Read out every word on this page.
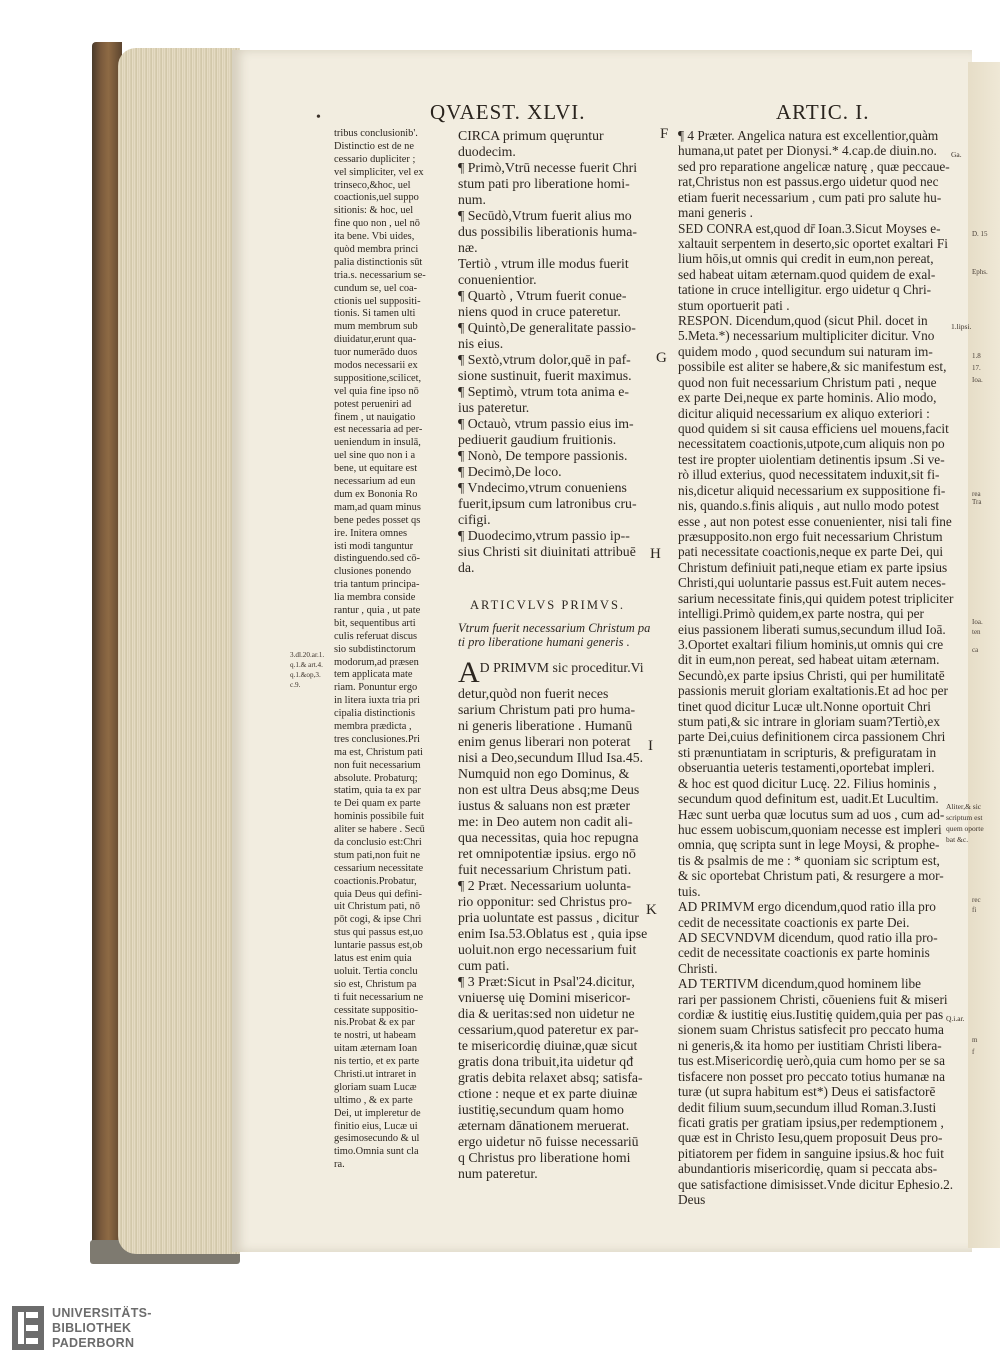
D. 15
Ephs.
1.8
17.
Ioa.
rea
Tra
Ioa.
ten
ca
rec
fi
m
f
•	QVAEST. XLVI.	ARTIC. I.
tribus conclusionib'.
Distinctio est de ne
cessario dupliciter ;
vel simpliciter, vel ex
trinseco,&hoc, uel
coactionis,uel suppo
sitionis: & hoc, uel
fine quo non , uel nō
ita bene. Vbi uides,
quòd membra princi
palia distinctionis sūt
tria.s. necessarium se-
cundum se, uel coa-
ctionis uel suppositi-
tionis. Si tamen ulti
mum membrum sub
diuidatur,erunt qua-
tuor numerādo duos
modos necessarii ex
suppositione,scilicet,
vel quia fine ipso nō
potest perueniri ad
finem , ut nauigatio
est necessaria ad per-
ueniendum in insulā,
uel sine quo non i a
bene, ut equitare est
necessarium ad eun
dum ex Bononia Ro
mam,ad quam minus
bene pedes posset qs
ire. Initera omnes
isti modi tanguntur
distinguendo.sed cō-
clusiones ponendo
tria tantum principa-
lia membra conside
rantur , quia , ut pate
bit, sequentibus arti
culis referuat discus
sio subdistinctorum
modorum,ad præsen
tem applicata mate
riam. Ponuntur ergo
in litera iuxta tria pri
cipalia distinctionis
membra prædicta ,
tres conclusiones.Pri
ma est, Christum pati
non fuit necessarium
absolute. Probaturq;
statim, quia ta ex par
te Dei quam ex parte
hominis possibile fuit
aliter se habere . Secū
da conclusio est:Chri
stum pati,non fuit ne
cessarium necessitate
coactionis.Probatur,
quia Deus qui defini-
uit Christum pati, nō
pōt cogi, & ipse Chri
stus qui passus est,uo
luntarie passus est,ob
latus est enim quia
uoluit. Tertia conclu
sio est, Christum pa
ti fuit necessarium ne
cessitate suppositio-
nis.Probat & ex par
te nostri, ut habeam
uitam æternam Ioan
nis tertio, et ex parte
Christi.ut intraret in
gloriam suam Lucæ
ultimo , & ex parte
Dei, ut impleretur de
finitio eius, Lucæ ui
gesimosecundo & ul
timo.Omnia sunt cla
ra.
3.dl.20.ar.1.
q.1.& art.4.
q.1.&op,3.
c.9.
CIRCA primum quęruntur
duodecim.
¶ Primò,Vtrū necesse fuerit Chri
stum pati pro liberatione homi-
num.
¶ Secūdò,Vtrum fuerit alius mo
dus possibilis liberationis huma-
næ.
Tertiò , vtrum ille modus fuerit
conuenientior.
¶ Quartò , Vtrum fuerit conue-
niens quod in cruce pateretur.
¶ Quintò,De generalitate passio-
nis eius.
¶ Sextò,vtrum dolor,quē in paf-
sione sustinuit, fuerit maximus.
¶ Septimò, vtrum tota anima e-
ius pateretur.
¶ Octauò, vtrum passio eius im-
pediuerit gaudium fruitionis.
¶ Nonò, De tempore passionis.
¶ Decimò,De loco.
¶ Vndecimo,vtrum conueniens
fuerit,ipsum cum latronibus cru-
cifigi.
¶ Duodecimo,vtrum passio ip--
sius Christi sit diuinitati attribuē
da.
ARTICVLVS PRIMVS.
Vtrum fuerit necessarium Christum pa
ti pro liberatione humani generis .
AD PRIMVM sic proceditur.Vi
detur,quòd non fuerit neces
sarium Christum pati pro huma-
ni generis liberatione . Humanū
enim genus liberari non poterat
nisi a Deo,secundum Illud Isa.45.
Numquid non ego Dominus, &
non est ultra Deus absq;me Deus
iustus & saluans non est præter
me: in Deo autem non cadit ali-
qua necessitas, quia hoc repugna
ret omnipotentiæ ipsius. ergo nō
fuit necessarium Christum pati.
¶ 2 Præt. Necessarium uolunta-
rio opponitur: sed Christus pro-
pria uoluntate est passus , dicitur
enim Isa.53.Oblatus est , quia ipse
uoluit.non ergo necessarium fuit
cum pati.
¶ 3 Præt:Sicut in Psal'24.dicitur,
vniuersę uię Domini misericor-
dia & ueritas:sed non uidetur ne
cessarium,quod pateretur ex par-
te misericordię diuinæ,quæ sicut
gratis dona tribuit,ita uidetur qđ
gratis debita relaxet absq; satisfa-
ctione : neque et ex parte diuinæ
iustitię,secundum quam homo
æternam dānationem meruerat.
ergo uidetur nō fuisse necessariū
q Christus pro liberatione homi
num pateretur.
¶ 4 Præter. Angelica natura est excellentior,quàm
humana,ut patet per Dionysi.* 4.cap.de diuin.no.
sed pro reparatione angelicæ naturę , quæ peccaue-
rat,Christus non est passus.ergo uidetur quod nec
etiam fuerit necessarium , cum pati pro salute hu-
mani generis .
SED CONRA est,quod dr̄ Ioan.3.Sicut Moyses e-
xaltauit serpentem in deserto,sic oportet exaltari Fi
lium hōis,ut omnis qui credit in eum,non pereat,
sed habeat uitam æternam.quod quidem de exal-
tatione in cruce intelligitur. ergo uidetur q Chri-
stum oportuerit pati .
RESPON. Dicendum,quod (sicut Phil. docet in
5.Meta.*) necessarium multipliciter dicitur. Vno
quidem modo , quod secundum sui naturam im-
possibile est aliter se habere,& sic manifestum est,
quod non fuit necessarium Christum pati , neque
ex parte Dei,neque ex parte hominis. Alio modo,
dicitur aliquid necessarium ex aliquo exteriori :
quod quidem si sit causa efficiens uel mouens,facit
necessitatem coactionis,utpote,cum aliquis non po
test ire propter uiolentiam detinentis ipsum .Si ve-
rò illud exterius, quod necessitatem induxit,sit fi-
nis,dicetur aliquid necessarium ex suppositione fi-
nis, quando.s.finis aliquis , aut nullo modo potest
esse , aut non potest esse conuenienter, nisi tali fine
præsupposito.non ergo fuit necessarium Christum
pati necessitate coactionis,neque ex parte Dei, qui
Christum definiuit pati,neque etiam ex parte ipsius
Christi,qui uoluntarie passus est.Fuit autem neces-
sarium necessitate finis,qui quidem potest tripliciter
intelligi.Primò quidem,ex parte nostra, qui per
eius passionem liberati sumus,secundum illud Ioā.
3.Oportet exaltari filium hominis,ut omnis qui cre
dit in eum,non pereat, sed habeat uitam æternam.
Secundò,ex parte ipsius Christi, qui per humilitatē
passionis meruit gloriam exaltationis.Et ad hoc per
tinet quod dicitur Lucæ ult.Nonne oportuit Chri
stum pati,& sic intrare in gloriam suam?Tertiò,ex
parte Dei,cuius definitionem circa passionem Chri
sti prænuntiatam in scripturis, & prefiguratam in
obseruantia ueteris testamenti,oportebat impleri.
& hoc est quod dicitur Lucę. 22. Filius hominis ,
secundum quod definitum est, uadit.Et Lucultim.
Hæc sunt uerba quæ locutus sum ad uos , cum ad-
huc essem uobiscum,quoniam necesse est impleri
omnia, quę scripta sunt in lege Moysi, & prophe-
tis & psalmis de me : * quoniam sic scriptum est,
& sic oportebat Christum pati, & resurgere a mor-
tuis.
AD PRIMVM ergo dicendum,quod ratio illa pro
cedit de necessitate coactionis ex parte Dei.
AD SECVNDVM dicendum, quod ratio illa pro-
cedit de necessitate coactionis ex parte hominis
Christi.
AD TERTIVM dicendum,quod hominem libe
rari per passionem Christi, cōueniens fuit & miseri
cordiæ & iustitię eius.Iustitię quidem,quia per pas
sionem suam Christus satisfecit pro peccato huma
ni generis,& ita homo per iustitiam Christi libera-
tus est.Misericordię uerò,quia cum homo per se sa
tisfacere non posset pro peccato totius humanæ na
turæ (ut supra habitum est*) Deus ei satisfactorē
dedit filium suum,secundum illud Roman.3.Iusti
ficati gratis per gratiam ipsius,per redemptionem ,
quæ est in Christo Iesu,quem proposuit Deus pro-
pitiatorem per fidem in sanguine ipsius.& hoc fuit
abundantioris misericordię, quam si peccata abs-
que satisfactione dimisisset.Vnde dicitur Ephesio.2.
Deus
F
G
H
I
K
Ga.
1.lipsi.
Aliter,& sic
scriptum est
quem oporte
bat &c.
Q.i.ar.
UNIVERSITÄTS-
BIBLIOTHEK
PADERBORN
